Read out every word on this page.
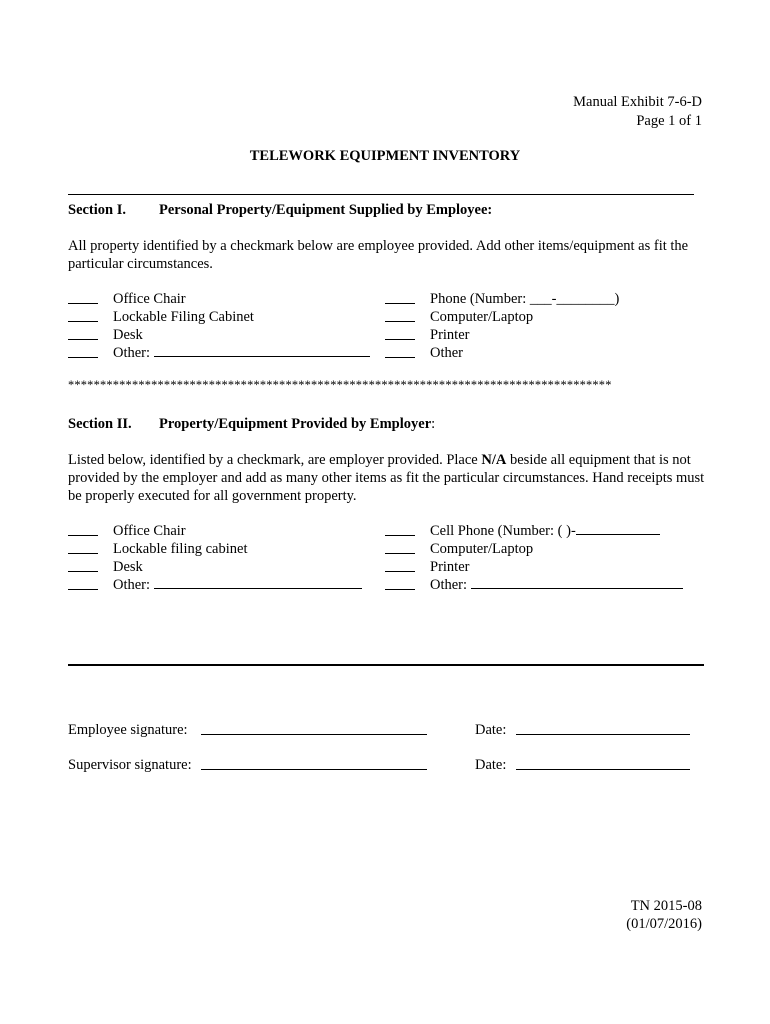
Manual Exhibit 7-6-D
Page 1 of 1
TELEWORK EQUIPMENT INVENTORY
Section I. Personal Property/Equipment Supplied by Employee:
All property identified by a checkmark below are employee provided. Add other items/equipment as fit the particular circumstances.
Office Chair
Lockable Filing Cabinet
Desk
Other:
Phone (Number: ___-________)
Computer/Laptop
Printer
Other
*************************************************************************************
Section II. Property/Equipment Provided by Employer:
Listed below, identified by a checkmark, are employer provided. Place N/A beside all equipment that is not provided by the employer and add as many other items as fit the particular circumstances. Hand receipts must be properly executed for all government property.
Office Chair
Lockable filing cabinet
Desk
Other:
Cell Phone (Number: ( )-
Computer/Laptop
Printer
Other:
Employee signature:	Date:
Supervisor signature:	Date:
TN 2015-08
(01/07/2016)
